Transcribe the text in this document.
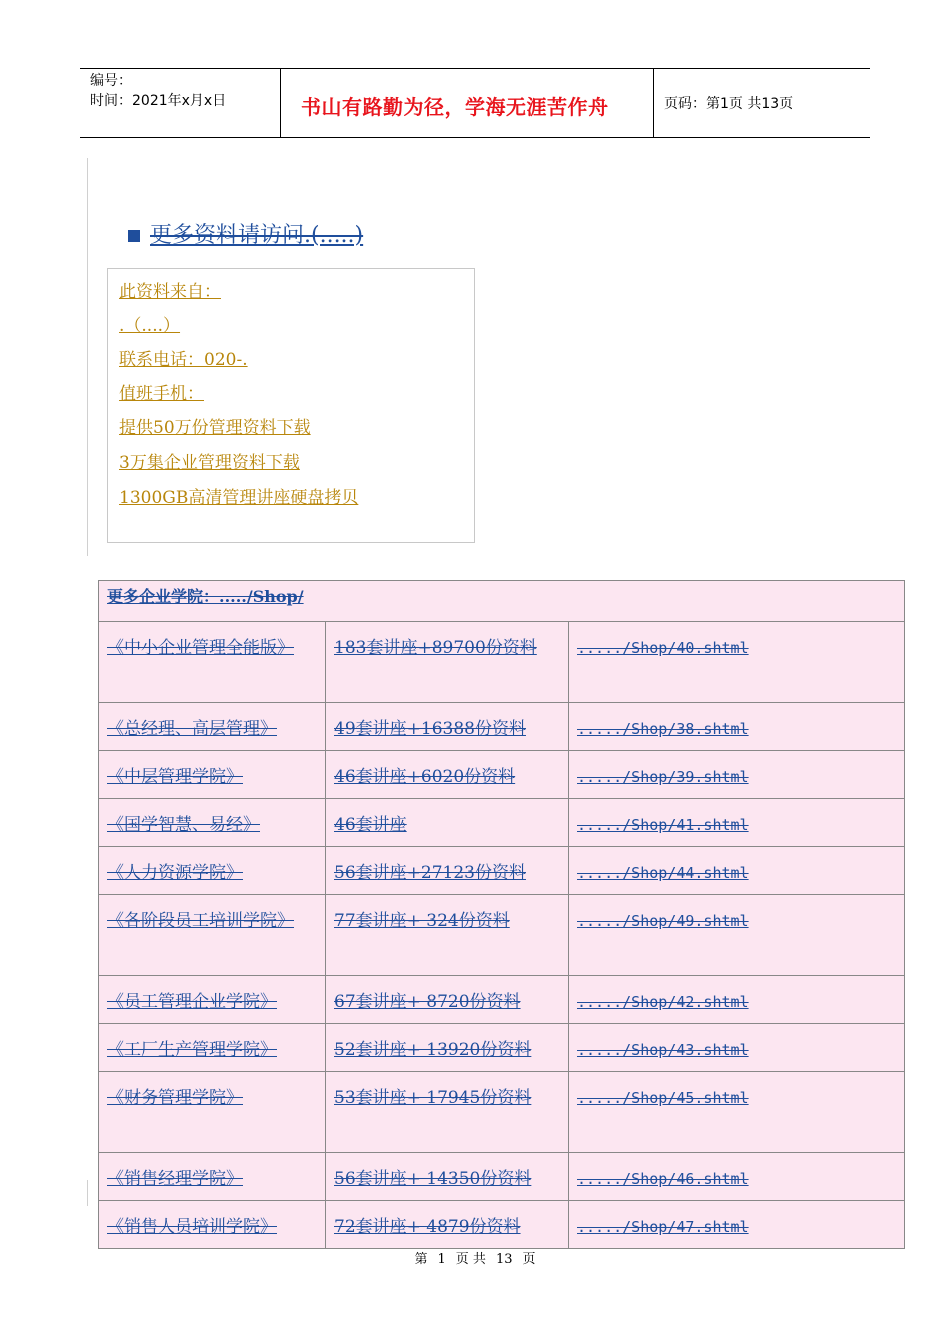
编号：
时间：2021年x月x日	书山有路勤为径，学海无涯苦作舟	页码：第1页 共13页
更多资料请访问.(.....)
此资料来自：
.（....）
联系电话：020-.
值班手机：
提供50万份管理资料下载
3万集企业管理资料下载
1300GB高清管理讲座硬盘拷贝
更多企业学院：...../Shop/		
《中小企业管理全能版》	183套讲座+89700份资料	...../Shop/40.shtml
《总经理、高层管理》	49套讲座+16388份资料	...../Shop/38.shtml
《中层管理学院》	46套讲座+6020份资料	...../Shop/39.shtml
《国学智慧、易经》	46套讲座	...../Shop/41.shtml
《人力资源学院》	56套讲座+27123份资料	...../Shop/44.shtml
《各阶段员工培训学院》	77套讲座+ 324份资料	...../Shop/49.shtml
《员工管理企业学院》	67套讲座+ 8720份资料	...../Shop/42.shtml
《工厂生产管理学院》	52套讲座+ 13920份资料	...../Shop/43.shtml
《财务管理学院》	53套讲座+ 17945份资料	...../Shop/45.shtml
《销售经理学院》	56套讲座+ 14350份资料	...../Shop/46.shtml
《销售人员培训学院》	72套讲座+ 4879份资料	...../Shop/47.shtml
第 1 页 共 13 页
